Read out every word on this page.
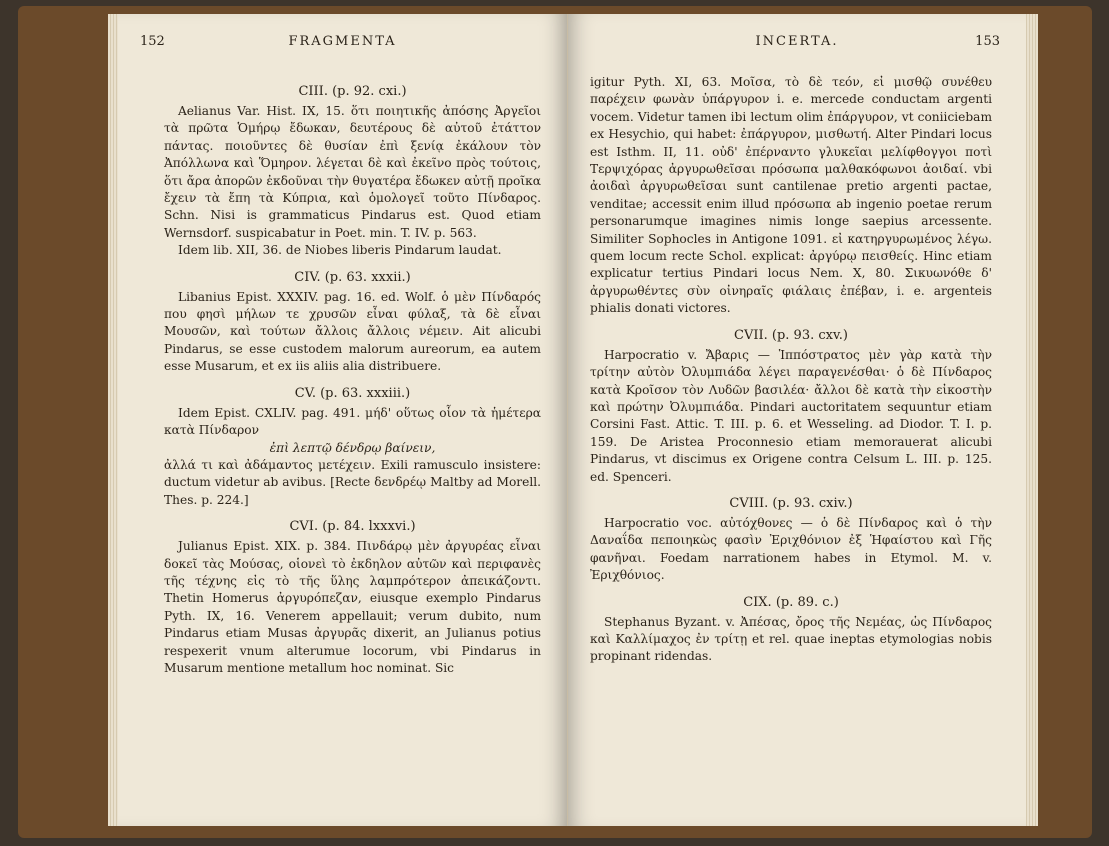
152	FRAGMENTA
CIII. (p. 92. cxi.)

Aelianus Var. Hist. IX, 15. ὅτι ποιητικῆς ἀπόσης Ἀργεῖοι τὰ πρῶτα Ὁμήρῳ ἔδωκαν, δευτέρους δὲ αὐτοῦ ἐτάττον πάντας. ποιοῦντες δὲ θυσίαν ἐπὶ ξενίᾳ ἐκάλουν τὸν Ἀπόλλωνα καὶ Ὅμηρον. λέγεται δὲ καὶ ἐκεῖνο πρὸς τούτοις, ὅτι ἄρα ἀπορῶν ἐκδοῦναι τὴν θυγατέρα ἔδωκεν αὐτῇ προῖκα ἔχειν τὰ ἔπη τὰ Κύπρια, καὶ ὁμολογεῖ τοῦτο Πίνδαρος. Schn. Nisi is grammaticus Pindarus est. Quod etiam Wernsdorf. suspicabatur in Poet. min. T. IV. p. 563.

Idem lib. XII, 36. de Niobes liberis Pindarum laudat.

CIV. (p. 63. xxxii.)

Libanius Epist. XXXIV. pag. 16. ed. Wolf. ὁ μὲν Πίνδαρός που φησὶ μήλων τε χρυσῶν εἶναι φύλαξ, τὰ δὲ εἶναι Μουσῶν, καὶ τούτων ἄλλοις ἄλλοις νέμειν. Ait alicubi Pindarus, se esse custodem malorum aureorum, ea autem esse Musarum, et ex iis aliis alia distribuere.

CV. (p. 63. xxxiii.)

Idem Epist. CXLIV. pag. 491. μήδ' οὕτως οἷον τὰ ἡμέτερα κατὰ Πίνδαρον

ἐπὶ λεπτῷ δένδρῳ βαίνειν,

ἀλλά τι καὶ ἀδάμαντος μετέχειν. Exili ramusculo insistere: ductum videtur ab avibus. [Recte δενδρέῳ Maltby ad Morell. Thes. p. 224.]

CVI. (p. 84. lxxxvi.)

Julianus Epist. XIX. p. 384. Πινδάρῳ μὲν ἀργυρέας εἶναι δοκεῖ τὰς Μούσας, οἱονεὶ τὸ ἐκδηλον αὐτῶν καὶ περιφανὲς τῆς τέχνης εἰς τὸ τῆς ὕλης λαμπρότερον ἀπεικάζοντι. Thetin Homerus ἀργυρόπεζαν, eiusque exemplo Pindarus Pyth. IX, 16. Venerem appellauit; verum dubito, num Pindarus etiam Musas ἀργυρᾶς dixerit, an Julianus potius respexerit vnum alterumue locorum, vbi Pindarus in Musarum mentione metallum hoc nominat. Sic

INCERTA.	153

igitur Pyth. XI, 63. Μοῖσα, τὸ δὲ τεόν, εἰ μισθῷ συνέθευ παρέχειν φωνὰν ὑπάργυρον i. e. mercede conductam argenti vocem. Videtur tamen ibi lectum olim ἐπάργυρον, vt coniiciebam ex Hesychio, qui habet: ἐπάργυρον, μισθωτή. Alter Pindari locus est Isthm. II, 11. οὐδ' ἐπέρναντο γλυκεῖαι μελίφθογγοι ποτὶ Τερψιχόρας ἀργυρωθεῖσαι πρόσωπα μαλθακόφωνοι ἀοιδαί. vbi ἀοιδαὶ ἀργυρωθεῖσαι sunt cantilenae pretio argenti pactae, venditae; accessit enim illud πρόσωπα ab ingenio poetae rerum personarumque imagines nimis longe saepius arcessente. Similiter Sophocles in Antigone 1091. εἰ κατηργυρωμένος λέγω. quem locum recte Schol. explicat: ἀργύρῳ πεισθείς. Hinc etiam explicatur tertius Pindari locus Nem. X, 80. Σικυωνόθε δ' ἀργυρωθέντες σὺν οἰνηραῖς φιάλαις ἐπέβαν, i. e. argenteis phialis donati victores.

CVII. (p. 93. cxv.)

Harpocratio v. Ἄβαρις — Ἱππόστρατος μὲν γὰρ κατὰ τὴν τρίτην αὐτὸν Ὀλυμπιάδα λέγει παραγενέσθαι· ὁ δὲ Πίνδαρος κατὰ Κροῖσον τὸν Λυδῶν βασιλέα· ἄλλοι δὲ κατὰ τὴν εἰκοστὴν καὶ πρώτην Ὀλυμπιάδα. Pindari auctoritatem sequuntur etiam Corsini Fast. Attic. T. III. p. 6. et Wesseling. ad Diodor. T. I. p. 159. De Aristea Proconnesio etiam memorauerat alicubi Pindarus, vt discimus ex Origene contra Celsum L. III. p. 125. ed. Spenceri.

CVIII. (p. 93. cxiv.)

Harpocratio voc. αὐτόχθονες — ὁ δὲ Πίνδαρος καὶ ὁ τὴν Δαναΐδα πεποιηκὼς φασὶν Ἐριχθόνιον ἐξ Ἡφαίστου καὶ Γῆς φανῆναι. Foedam narrationem habes in Etymol. M. v. Ἐριχθόνιος.

CIX. (p. 89. c.)

Stephanus Byzant. v. Ἀπέσας, ὄρος τῆς Νεμέας, ὡς Πίνδαρος καὶ Καλλίμαχος ἐν τρίτῃ et rel. quae ineptas etymologias nobis propinant ridendas.
